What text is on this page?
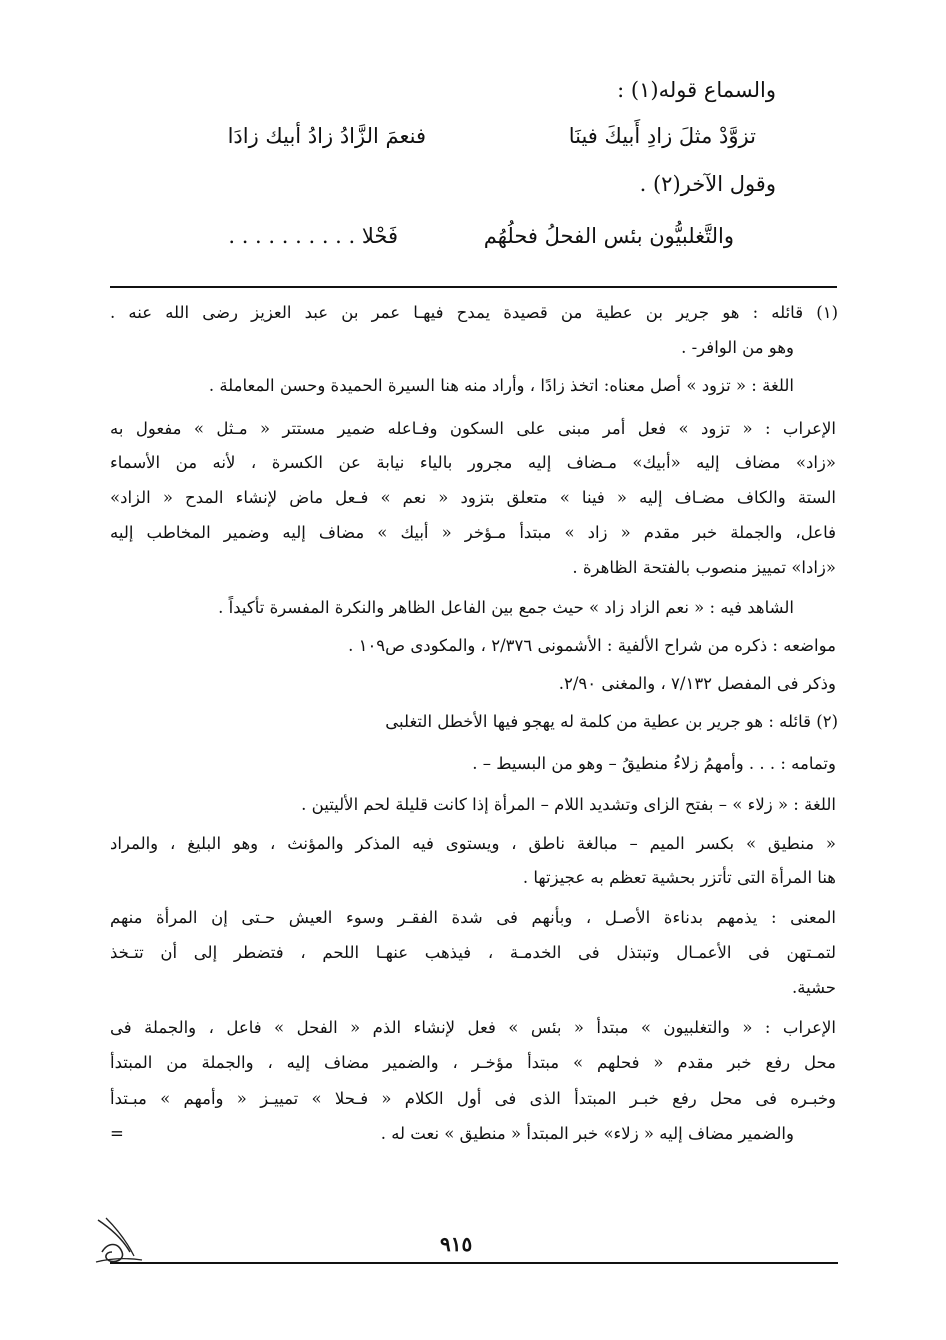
والسماع قوله(١) :
تزوَّدْ مثلَ زادِ أَبيكَ فينَا
فنعمَ الزَّادُ زادُ أبيك زادَا
وقول الآخر(٢) .
والتَّغلبيُّون بئس الفحلُ فحلُهُم
فَحْلا . . . . . . . . . .
(١) قائله : هو جرير بن عطية من قصيدة يمدح فيهـا عمر بن عبد العزيز رضى الله عنه .
وهو من الوافر- .
اللغة : « تزود » أصل معناه: اتخذ زادًا ، وأراد منه هنا السيرة الحميدة وحسن المعاملة .
الإعراب : « تزود » فعل أمر مبنى على السكون وفـاعله ضمير مستتر « مـثل » مفعول به
«زاد» مضاف إليه «أبيك» مـضاف إليه مجرور بالياء نيابة عن الكسرة ، لأنه من الأسماء
الستة والكاف مضـاف إليه « فينا » متعلق بتزود « نعم » فـعل ماض لإنشاء المدح « الزاد»
فاعل، والجملة خبر مقدم « زاد » مبتدأ مـؤخر « أبيك » مضاف إليه وضمير المخاطب إليه
«زادا» تمييز منصوب بالفتحة الظاهرة .
الشاهد فيه : « نعم الزاد زاد » حيث جمع بين الفاعل الظاهر والنكرة المفسرة تأكيداً .
مواضعه : ذكره من شراح الألفية : الأشمونى ٢/٣٧٦ ، والمكودى ص١٠٩ .
وذكر فى المفصل ٧/١٣٢ ، والمغنى ٢/٩٠.
(٢) قائله : هو جرير بن عطية من كلمة له يهجو فيها الأخطل التغلبى
وتمامه : . . . وأمهمُ زلاءُ منطيقُ – وهو من البسيط – .
اللغة : « زلاء » – بفتح الزاى وتشديد اللام – المرأة إذا كانت قليلة لحم الأليتين .
« منطيق » بكسر الميم – مبالغة ناطق ، ويستوى فيه المذكر والمؤنث ، وهو البليغ ، والمراد
هنا المرأة التى تأتزر بحشية تعظم به عجيزتها .
المعنى : يذمهم بدناءة الأصـل ، وبأنهم فى شدة الفقـر وسوء العيش حـتى إن المرأة منهم
لتمـتهن فى الأعمـال وتبتذل فى الخدمـة ، فيذهب عنهـا اللحم ، فتضطر إلى أن تتـخذ
حشية.
الإعراب : « والتغلبيون » مبتدأ « بئس » فعل لإنشاء الذم « الفحل » فاعل ، والجملة فى
محل رفع خبر مقدم « فحلهم » مبتدأ مؤخـر ، والضمير مضاف إليه ، والجملة من المبتدأ
وخبـره فى محل رفع خبـر المبتدأ الذى فى أول الكلام « فـحلا » تمييـز « وأمهم » مبـتدأ
والضمير مضاف إليه « زلاء» خبر المبتدأ « منطيق » نعت له .
=
٩١٥
